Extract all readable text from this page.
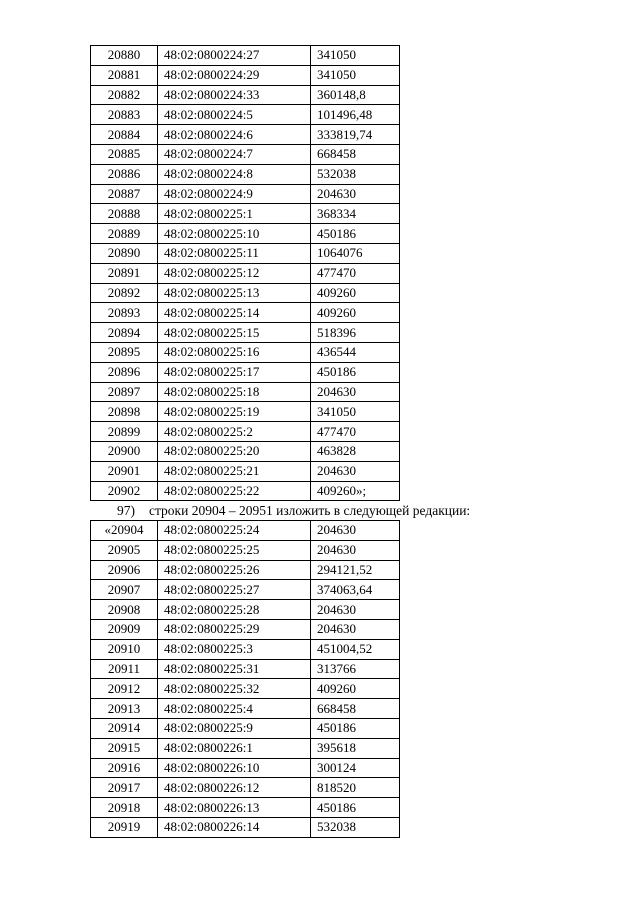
20880	48:02:0800224:27	341050
20881	48:02:0800224:29	341050
20882	48:02:0800224:33	360148,8
20883	48:02:0800224:5	101496,48
20884	48:02:0800224:6	333819,74
20885	48:02:0800224:7	668458
20886	48:02:0800224:8	532038
20887	48:02:0800224:9	204630
20888	48:02:0800225:1	368334
20889	48:02:0800225:10	450186
20890	48:02:0800225:11	1064076
20891	48:02:0800225:12	477470
20892	48:02:0800225:13	409260
20893	48:02:0800225:14	409260
20894	48:02:0800225:15	518396
20895	48:02:0800225:16	436544
20896	48:02:0800225:17	450186
20897	48:02:0800225:18	204630
20898	48:02:0800225:19	341050
20899	48:02:0800225:2	477470
20900	48:02:0800225:20	463828
20901	48:02:0800225:21	204630
20902	48:02:0800225:22	409260»;
97) строки 20904 – 20951 изложить в следующей редакции:
«20904	48:02:0800225:24	204630
20905	48:02:0800225:25	204630
20906	48:02:0800225:26	294121,52
20907	48:02:0800225:27	374063,64
20908	48:02:0800225:28	204630
20909	48:02:0800225:29	204630
20910	48:02:0800225:3	451004,52
20911	48:02:0800225:31	313766
20912	48:02:0800225:32	409260
20913	48:02:0800225:4	668458
20914	48:02:0800225:9	450186
20915	48:02:0800226:1	395618
20916	48:02:0800226:10	300124
20917	48:02:0800226:12	818520
20918	48:02:0800226:13	450186
20919	48:02:0800226:14	532038
